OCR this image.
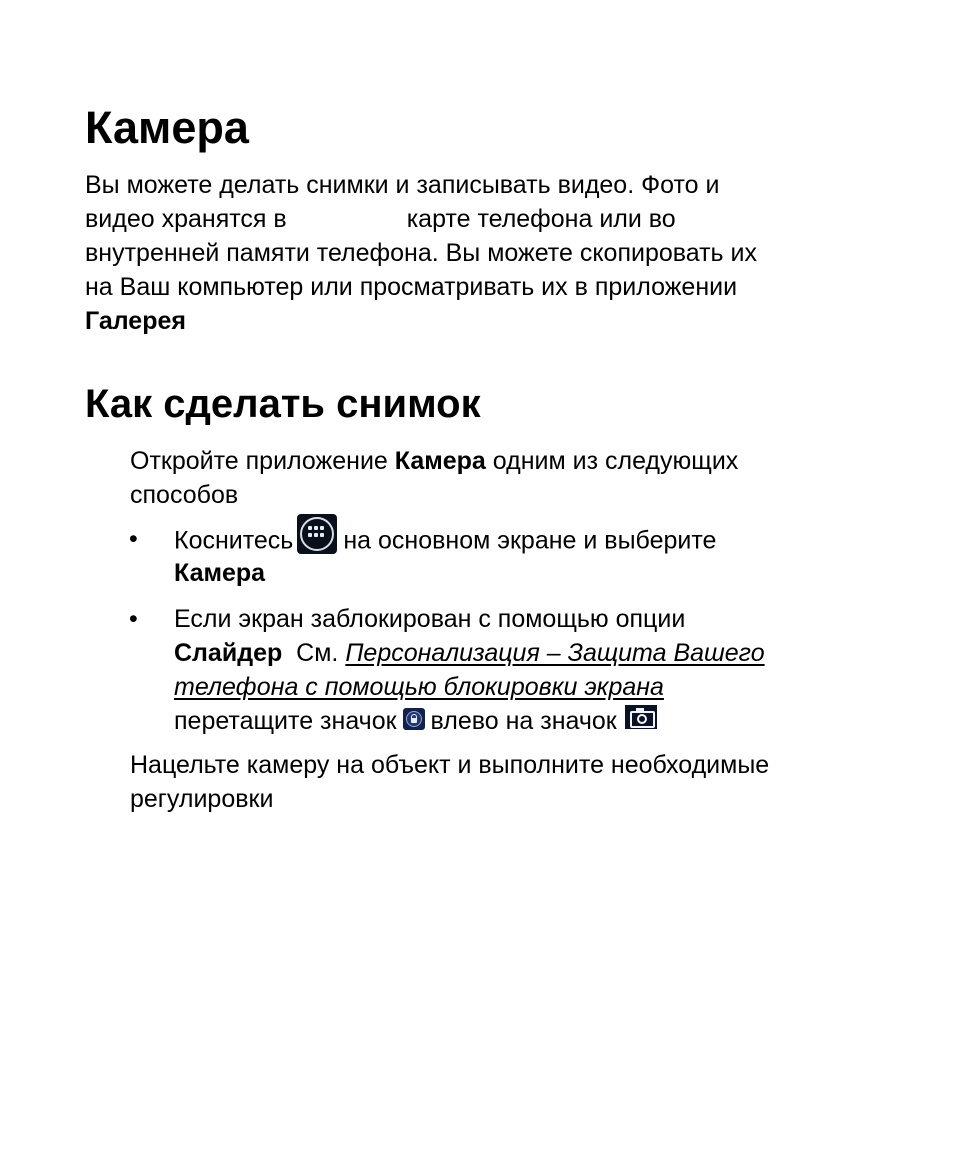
Камера
Вы можете делать снимки и записывать видео. Фото и
видео хранятся в	карте телефона или во
внутренней памяти телефона. Вы можете скопировать их
на Ваш компьютер или просматривать их в приложении
Галерея
Как сделать снимок
Откройте приложение Камера одним из следующих
способов
• Коснитесь на основном экране и выберите
Камера
• Если экран заблокирован с помощью опции
Слайдер См. Персонализация – Защита Вашего
телефона с помощью блокировки экрана
перетащите значок влево на значок
Нацельте камеру на объект и выполните необходимые
регулировки
